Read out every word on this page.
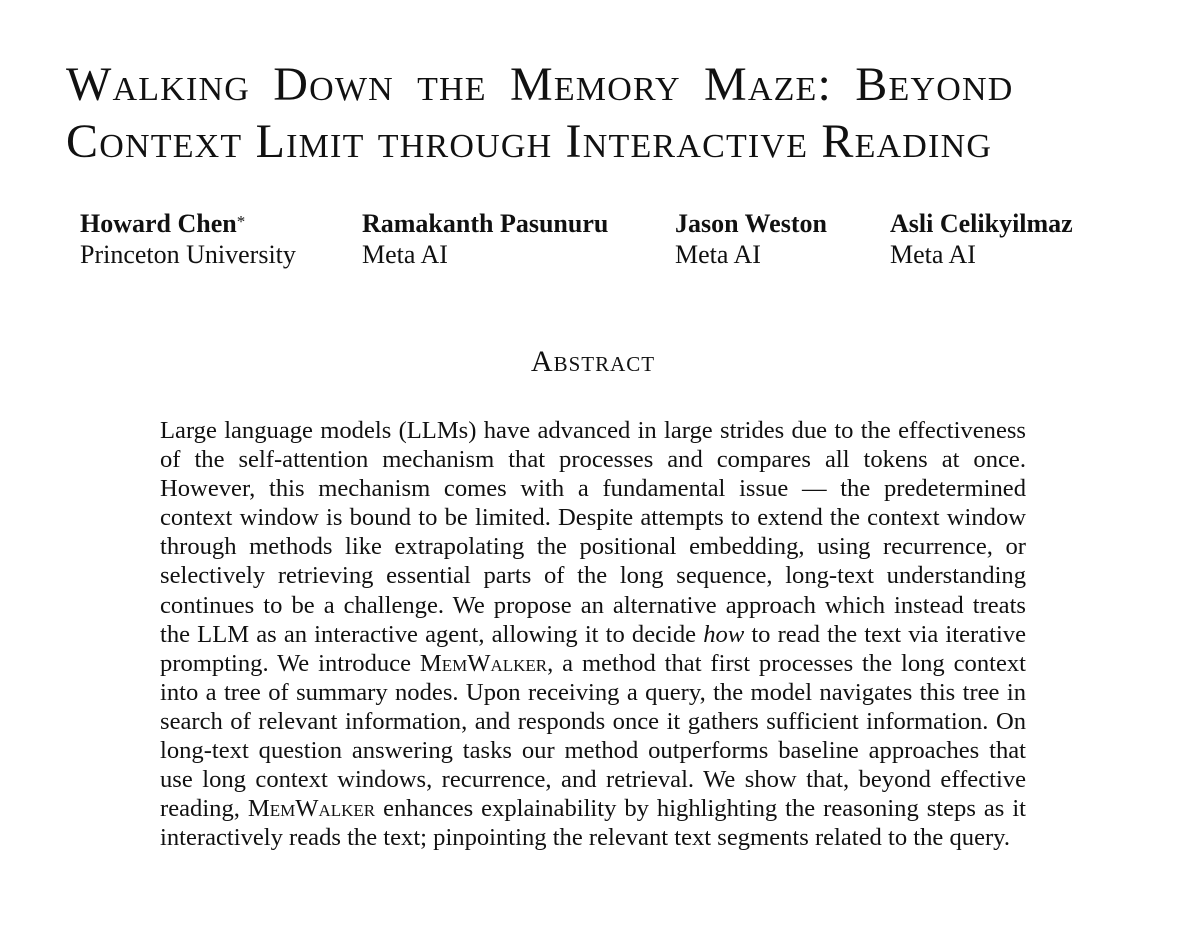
Walking Down the Memory Maze: Beyond
Context Limit through Interactive Reading
Howard Chen*
Princeton University
Ramakanth Pasunuru
Meta AI
Jason Weston
Meta AI
Asli Celikyilmaz
Meta AI
Abstract

Large language models (LLMs) have advanced in large strides due to the effectiveness of the self-attention mechanism that processes and compares all tokens at once. However, this mechanism comes with a fundamental issue — the predetermined context window is bound to be limited. Despite attempts to extend the context window through methods like extrapolating the positional embedding, using recurrence, or selectively retrieving essential parts of the long sequence, long-text understanding continues to be a challenge. We propose an alternative approach which instead treats the LLM as an interactive agent, allowing it to decide how to read the text via iterative prompting. We introduce MemWalker, a method that first processes the long context into a tree of summary nodes. Upon receiving a query, the model navigates this tree in search of relevant information, and responds once it gathers sufficient information. On long-text question answering tasks our method outperforms baseline approaches that use long context windows, recurrence, and retrieval. We show that, beyond effective reading, MemWalker enhances explainability by highlighting the reasoning steps as it interactively reads the text; pinpointing the relevant text segments related to the query.
